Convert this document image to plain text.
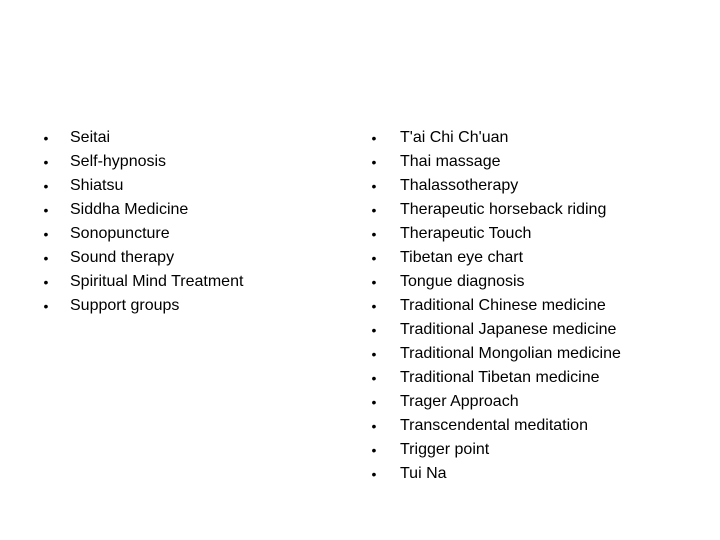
• Seitai
• Self-hypnosis
• Shiatsu
• Siddha Medicine
• Sonopuncture
• Sound therapy
• Spiritual Mind Treatment
• Support groups
• T'ai Chi Ch'uan
• Thai massage
• Thalassotherapy
• Therapeutic horseback riding
• Therapeutic Touch
• Tibetan eye chart
• Tongue diagnosis
• Traditional Chinese medicine
• Traditional Japanese medicine
• Traditional Mongolian medicine
• Traditional Tibetan medicine
• Trager Approach
• Transcendental meditation
• Trigger point
• Tui Na
